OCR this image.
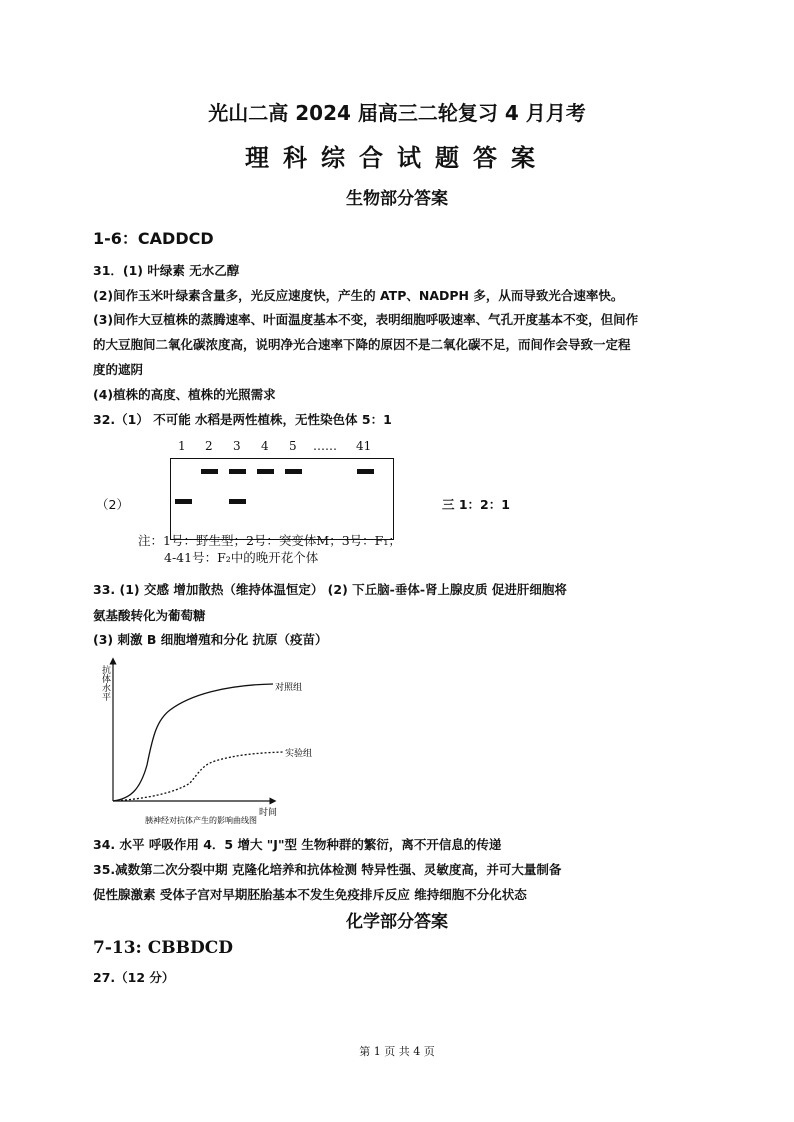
光山二高 2024 届高三二轮复习 4 月月考
理科综合试题答案
生物部分答案
1-6：CADDCD
31．(1) 叶绿素 无水乙醇
(2)间作玉米叶绿素含量多，光反应速度快，产生的 ATP、NADPH 多，从而导致光合速率快。
(3)间作大豆植株的蒸腾速率、叶面温度基本不变，表明细胞呼吸速率、气孔开度基本不变，但间作
的大豆胞间二氧化碳浓度高，说明净光合速率下降的原因不是二氧化碳不足，而间作会导致一定程
度的遮阴
(4)植株的高度、植株的光照需求
32.（1） 不可能 水稻是两性植株，无性染色体 5：1
1 2 3 4 5 …… 41
（2）	三 1：2：1
注：1号：野生型；2号：突变体M；3号：F₁；
4-41号：F₂中的晚开花个体
33. (1) 交感 增加散热（维持体温恒定） (2) 下丘脑-垂体-肾上腺皮质 促进肝细胞将
氨基酸转化为葡萄糖
(3) 刺激 B 细胞增殖和分化 抗原（疫苗）
抗体水平
时间
对照组
实验组
胰神经对抗体产生的影响曲线图
34. 水平 呼吸作用 4．5 增大 "J"型 生物种群的繁衍，离不开信息的传递
35.减数第二次分裂中期 克隆化培养和抗体检测 特异性强、灵敏度高，并可大量制备
促性腺激素 受体子宫对早期胚胎基本不发生免疫排斥反应 维持细胞不分化状态
化学部分答案
7-13: CBBDCD
27.（12 分）
第 1 页 共 4 页
